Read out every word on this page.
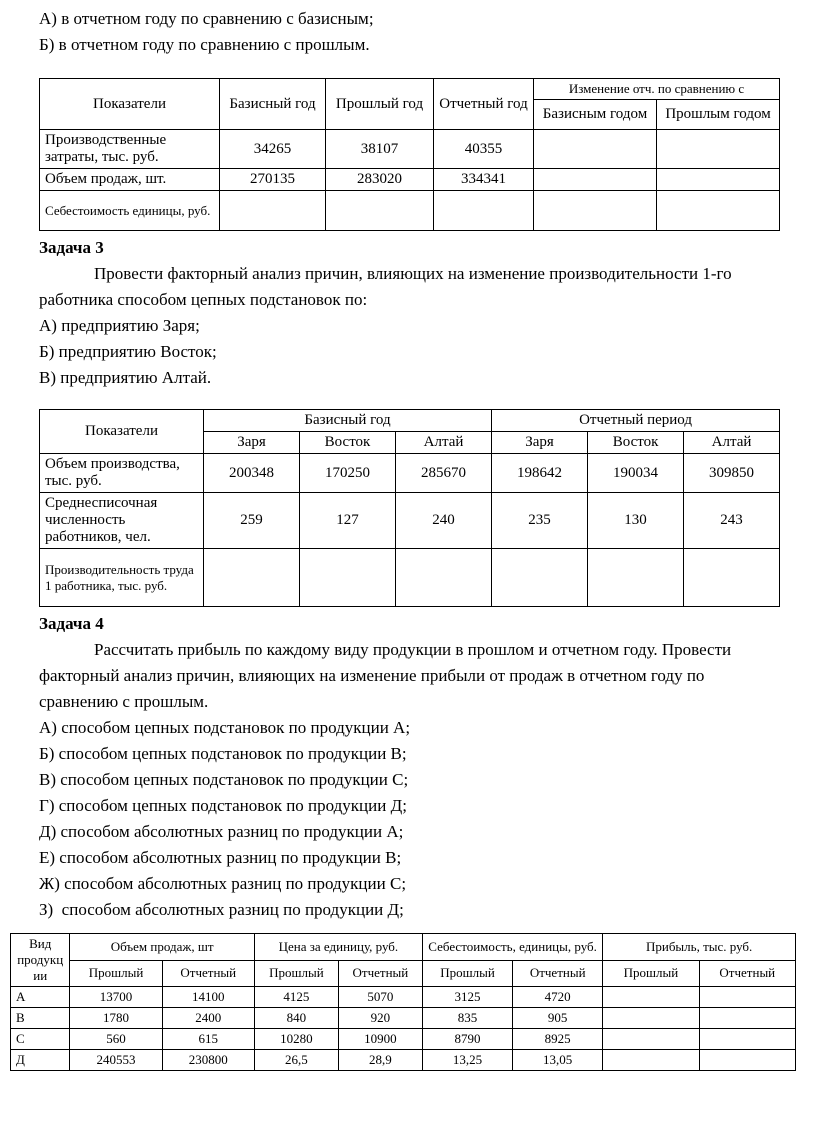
А) в отчетном году по сравнению с базисным;
Б) в отчетном году по сравнению с прошлым.
Показатели	Базисный год	Прошлый год	Отчетный год	Изменение отч. по сравнению с	
				Базисным годом	Прошлым годом
Производственные затраты, тыс. руб.	34265	38107	40355		
Объем продаж, шт.	270135	283020	334341		
Себестоимость единицы, руб.					
Задача 3

Провести факторный анализ причин, влияющих на изменение производительности 1-го работника способом цепных подстановок по:

А) предприятию Заря;
Б) предприятию Восток;
В) предприятию Алтай.
Показатели	Базисный год			Отчетный период		
	Заря	Восток	Алтай	Заря	Восток	Алтай
Объем производства, тыс. руб.	200348	170250	285670	198642	190034	309850
Среднесписочная численность работников, чел.	259	127	240	235	130	243
Производительность труда 1 работника, тыс. руб.						
Задача 4

Рассчитать прибыль по каждому виду продукции в прошлом и отчетном году. Провести факторный анализ причин, влияющих на изменение прибыли от продаж в отчетном году по сравнению с прошлым.

А) способом цепных подстановок по продукции А;
Б) способом цепных подстановок по продукции В;
В) способом цепных подстановок по продукции С;
Г) способом цепных подстановок по продукции Д;
Д) способом абсолютных разниц по продукции А;
Е) способом абсолютных разниц по продукции В;
Ж) способом абсолютных разниц по продукции С;
З)  способом абсолютных разниц по продукции Д;
Вид продукции	Объем продаж, шт		Цена за единицу, руб.		Себестоимость, единицы, руб.		Прибыль, тыс. руб.	
	Прошлый	Отчетный	Прошлый	Отчетный	Прошлый	Отчетный	Прошлый	Отчетный
А	13700	14100	4125	5070	3125	4720		
В	1780	2400	840	920	835	905		
С	560	615	10280	10900	8790	8925		
Д	240553	230800	26,5	28,9	13,25	13,05		
